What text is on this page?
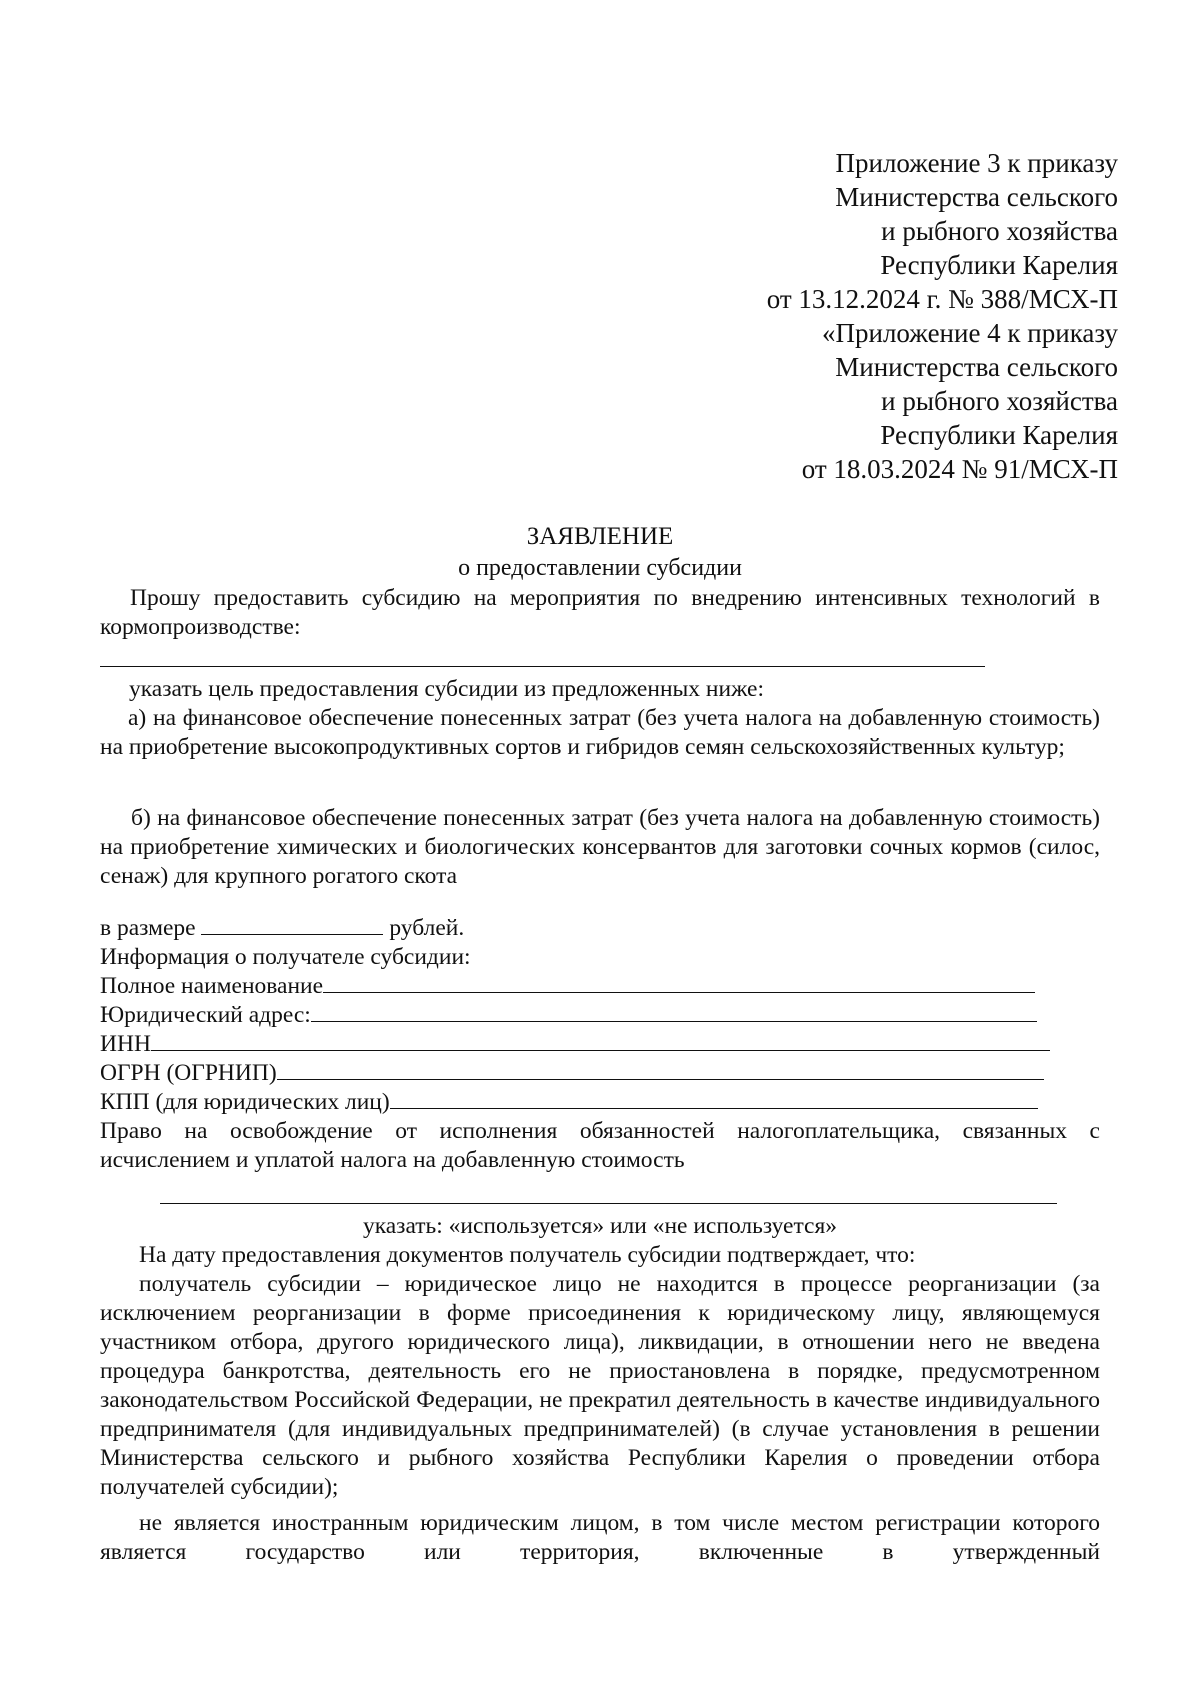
Приложение 3 к приказу
Министерства сельского
и рыбного хозяйства
Республики Карелия
от 13.12.2024 г. № 388/МСХ-П
«Приложение 4 к приказу
Министерства сельского
и рыбного хозяйства
Республики Карелия
от 18.03.2024 № 91/МСХ-П
ЗАЯВЛЕНИЕ
о предоставлении субсидии
Прошу предоставить субсидию на мероприятия по внедрению интенсивных технологий в кормопроизводстве:
указать цель предоставления субсидии из предложенных ниже:
а) на финансовое обеспечение понесенных затрат (без учета налога на добавленную стоимость) на приобретение высокопродуктивных сортов и гибридов семян сельскохозяйственных культур;
б) на финансовое обеспечение понесенных затрат (без учета налога на добавленную стоимость) на приобретение химических и биологических консервантов для заготовки сочных кормов (силос, сенаж) для крупного рогатого скота
в размере	рублей.
Информация о получателе субсидии:
Полное наименование
Юридический адрес:
ИНН
ОГРН (ОГРНИП)
КПП (для юридических лиц)
Право на освобождение от исполнения обязанностей налогоплательщика, связанных с исчислением и уплатой налога на добавленную стоимость
указать: «используется» или «не используется»
На дату предоставления документов получатель субсидии подтверждает, что:
получатель субсидии – юридическое лицо не находится в процессе реорганизации (за исключением реорганизации в форме присоединения к юридическому лицу, являющемуся участником отбора, другого юридического лица), ликвидации, в отношении него не введена процедура банкротства, деятельность его не приостановлена в порядке, предусмотренном законодательством Российской Федерации, не прекратил деятельность в качестве индивидуального предпринимателя (для индивидуальных предпринимателей) (в случае установления в решении Министерства сельского и рыбного хозяйства Республики Карелия о проведении отбора получателей субсидии);
не является иностранным юридическим лицом, в том числе местом регистрации которого является государство или территория, включенные в утвержденный
